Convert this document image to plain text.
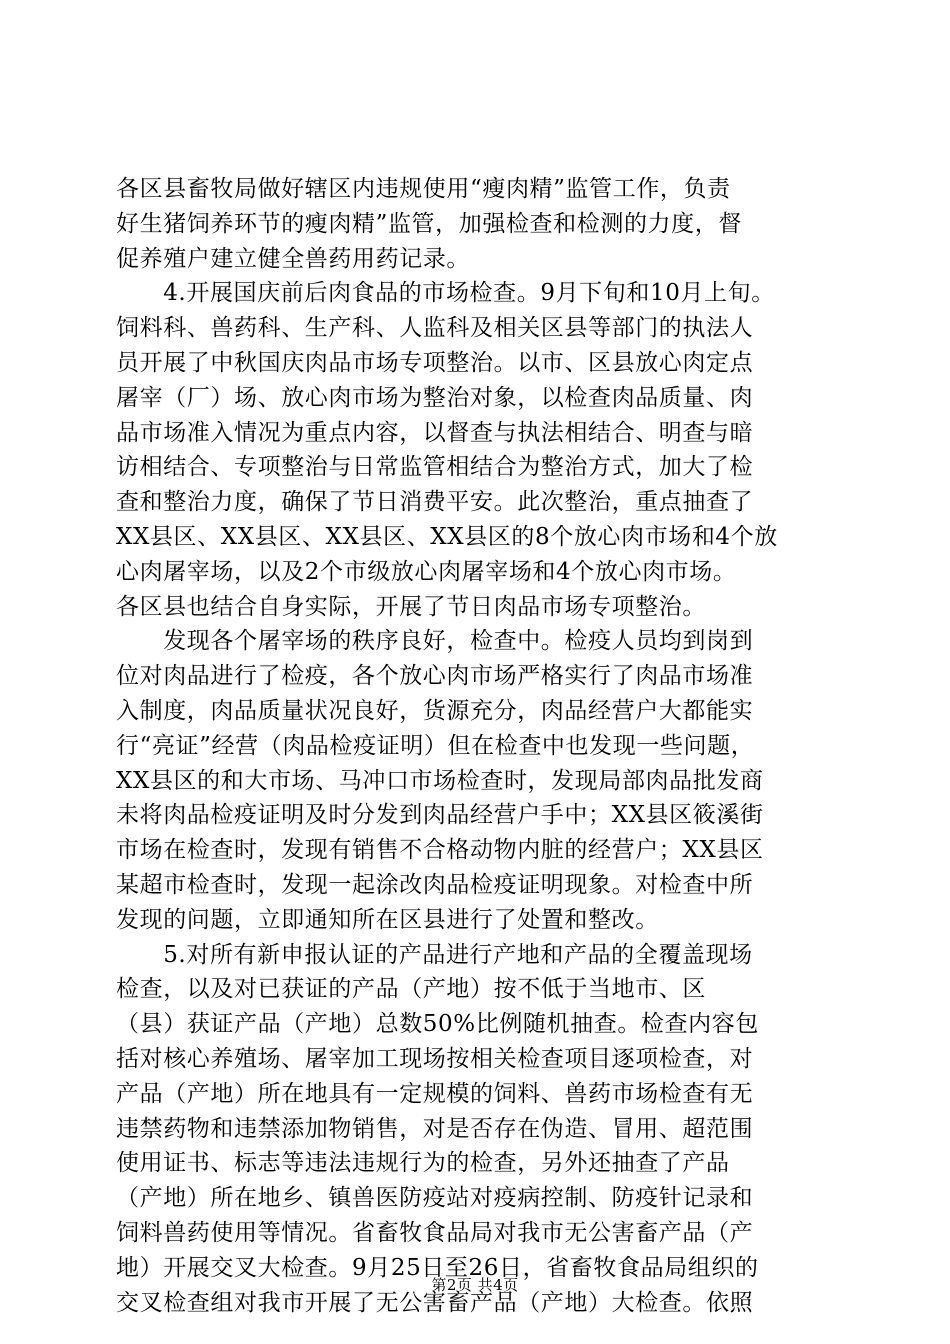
各区县畜牧局做好辖区内违规使用“瘦肉精”监管工作，负责
好生猪饲养环节的瘦肉精”监管，加强检查和检测的力度，督
促养殖户建立健全兽药用药记录。
　　4.开展国庆前后肉食品的市场检查。9月下旬和10月上旬。
饲料科、兽药科、生产科、人监科及相关区县等部门的执法人
员开展了中秋国庆肉品市场专项整治。以市、区县放心肉定点
屠宰（厂）场、放心肉市场为整治对象，以检查肉品质量、肉
品市场准入情况为重点内容，以督查与执法相结合、明查与暗
访相结合、专项整治与日常监管相结合为整治方式，加大了检
查和整治力度，确保了节日消费平安。此次整治，重点抽查了
XX县区、XX县区、XX县区、XX县区的8个放心肉市场和4个放
心肉屠宰场，以及2个市级放心肉屠宰场和4个放心肉市场。
各区县也结合自身实际，开展了节日肉品市场专项整治。
　　发现各个屠宰场的秩序良好，检查中。检疫人员均到岗到
位对肉品进行了检疫，各个放心肉市场严格实行了肉品市场准
入制度，肉品质量状况良好，货源充分，肉品经营户大都能实
行“亮证”经营（肉品检疫证明）但在检查中也发现一些问题，
XX县区的和大市场、马冲口市场检查时，发现局部肉品批发商
未将肉品检疫证明及时分发到肉品经营户手中；XX县区筱溪街
市场在检查时，发现有销售不合格动物内脏的经营户；XX县区
某超市检查时，发现一起涂改肉品检疫证明现象。对检查中所
发现的问题，立即通知所在区县进行了处置和整改。
　　5.对所有新申报认证的产品进行产地和产品的全覆盖现场
检查，以及对已获证的产品（产地）按不低于当地市、区
（县）获证产品（产地）总数50%比例随机抽查。检查内容包
括对核心养殖场、屠宰加工现场按相关检查项目逐项检查，对
产品（产地）所在地具有一定规模的饲料、兽药市场检查有无
违禁药物和违禁添加物销售，对是否存在伪造、冒用、超范围
使用证书、标志等违法违规行为的检查，另外还抽查了产品
（产地）所在地乡、镇兽医防疫站对疫病控制、防疫针记录和
饲料兽药使用等情况。省畜牧食品局对我市无公害畜产品（产
地）开展交叉大检查。9月25日至26日，省畜牧食品局组织的
交叉检查组对我市开展了无公害畜产品（产地）大检查。依照
第2页 共4页
